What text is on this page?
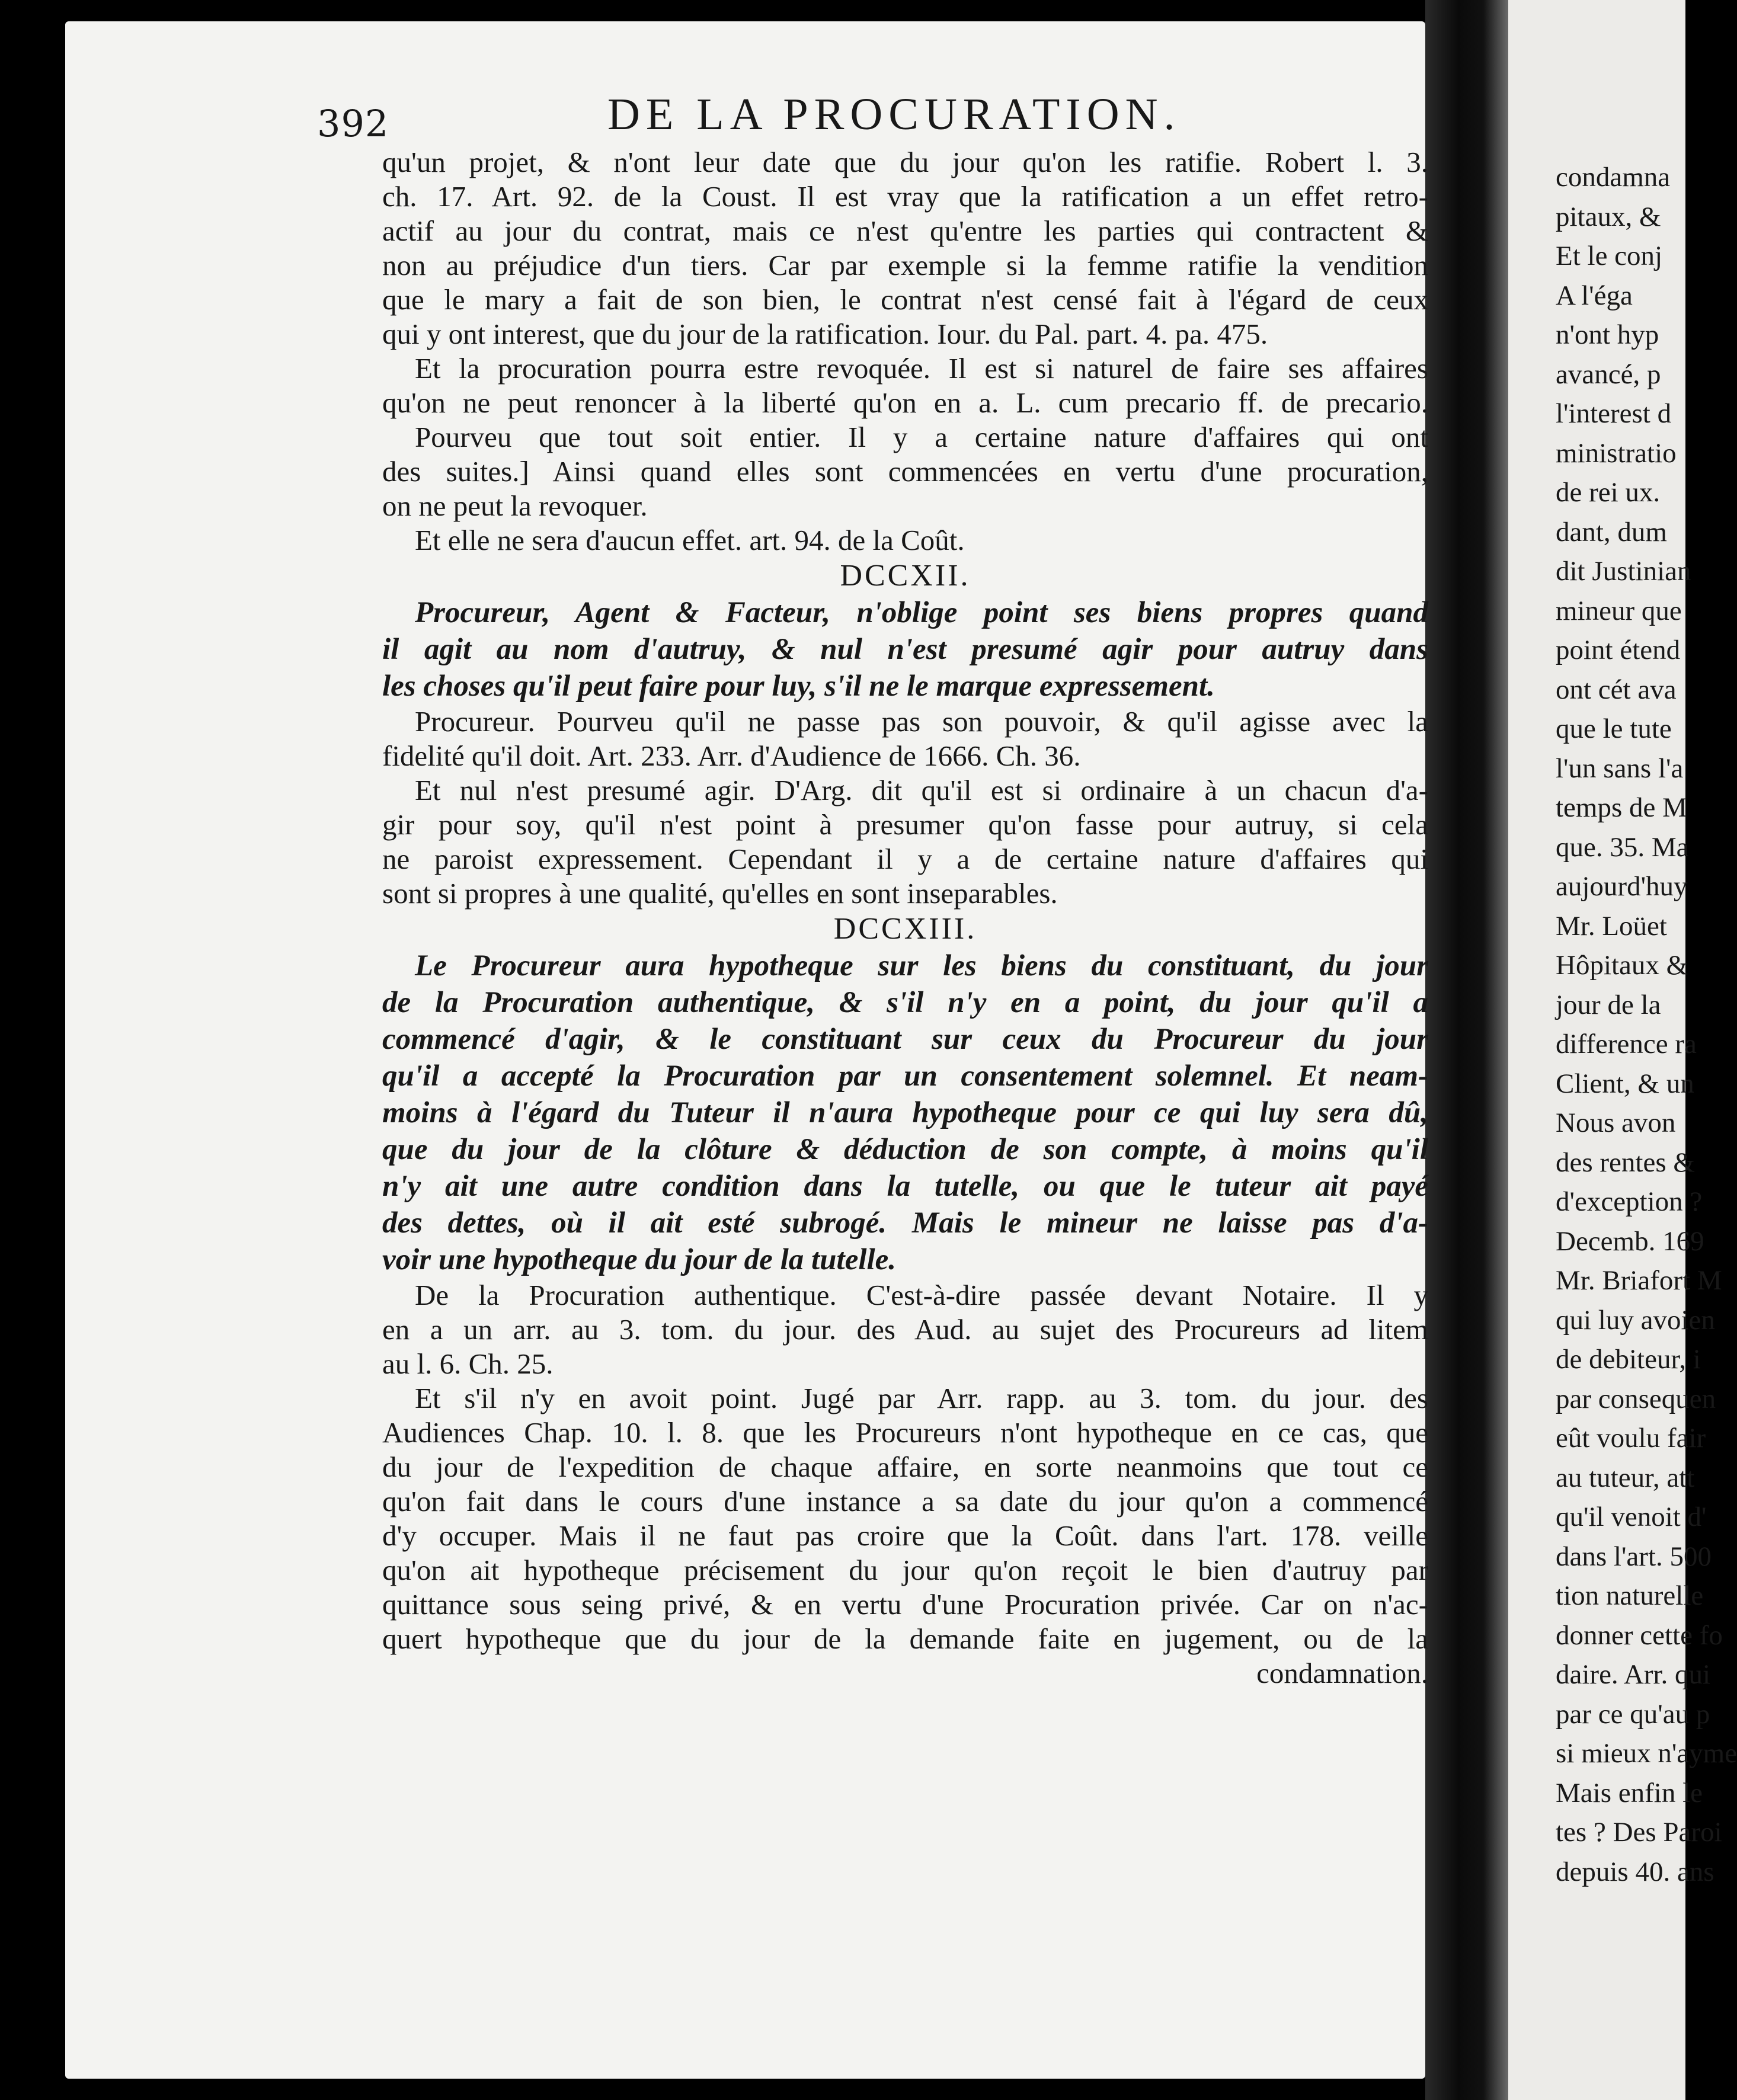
condamna
pitaux, &
Et le conj
A l'éga
n'ont hyp
avancé, p
l'interest d
ministratio
de rei ux.
dant, dum
dit Justinian
mineur que
point étend
ont cét ava
que le tute
l'un sans l'a
temps de M
que. 35. Ma
aujourd'huy
Mr. Loüet
Hôpitaux &
jour de la
difference ra
Client, & un
Nous avon
des rentes &
d'exception ?
Decemb. 169
Mr. Briafort M
qui luy avoien
de debiteur, i
par consequen
eût voulu fair
au tuteur, att
qu'il venoit d'
dans l'art. 500
tion naturelle
donner cette fo
daire. Arr. qui
par ce qu'au p
si mieux n'ayme
Mais enfin le
tes ? Des Paroi
depuis 40. ans
392	DE LA PROCURATION.
qu'un projet, & n'ont leur date que du jour qu'on les ratifie. Robert l. 3.
ch. 17. Art. 92. de la Coust. Il est vray que la ratification a un effet retro-
actif au jour du contrat, mais ce n'est qu'entre les parties qui contractent &
non au préjudice d'un tiers. Car par exemple si la femme ratifie la vendition
que le mary a fait de son bien, le contrat n'est censé fait à l'égard de ceux
qui y ont interest, que du jour de la ratification. Iour. du Pal. part. 4. pa. 475.
Et la procuration pourra estre revoquée. Il est si naturel de faire ses affaires
qu'on ne peut renoncer à la liberté qu'on en a. L. cum precario ff. de precario.
Pourveu que tout soit entier. Il y a certaine nature d'affaires qui ont
des suites.] Ainsi quand elles sont commencées en vertu d'une procuration,
on ne peut la revoquer.
Et elle ne sera d'aucun effet. art. 94. de la Coût.
DCCXII.
Procureur, Agent & Facteur, n'oblige point ses biens propres quand
il agit au nom d'autruy, & nul n'est presumé agir pour autruy dans
les choses qu'il peut faire pour luy, s'il ne le marque expressement.
Procureur. Pourveu qu'il ne passe pas son pouvoir, & qu'il agisse avec la
fidelité qu'il doit. Art. 233. Arr. d'Audience de 1666. Ch. 36.
Et nul n'est presumé agir. D'Arg. dit qu'il est si ordinaire à un chacun d'a-
gir pour soy, qu'il n'est point à presumer qu'on fasse pour autruy, si cela
ne paroist expressement. Cependant il y a de certaine nature d'affaires qui
sont si propres à une qualité, qu'elles en sont inseparables.
DCCXIII.
Le Procureur aura hypotheque sur les biens du constituant, du jour
de la Procuration authentique, & s'il n'y en a point, du jour qu'il a
commencé d'agir, & le constituant sur ceux du Procureur du jour
qu'il a accepté la Procuration par un consentement solemnel. Et neam-
moins à l'égard du Tuteur il n'aura hypotheque pour ce qui luy sera dû,
que du jour de la clôture & déduction de son compte, à moins qu'il
n'y ait une autre condition dans la tutelle, ou que le tuteur ait payé
des dettes, où il ait esté subrogé. Mais le mineur ne laisse pas d'a-
voir une hypotheque du jour de la tutelle.
De la Procuration authentique. C'est-à-dire passée devant Notaire. Il y
en a un arr. au 3. tom. du jour. des Aud. au sujet des Procureurs ad litem
au l. 6. Ch. 25.
Et s'il n'y en avoit point. Jugé par Arr. rapp. au 3. tom. du jour. des
Audiences Chap. 10. l. 8. que les Procureurs n'ont hypotheque en ce cas, que
du jour de l'expedition de chaque affaire, en sorte neanmoins que tout ce
qu'on fait dans le cours d'une instance a sa date du jour qu'on a commencé
d'y occuper. Mais il ne faut pas croire que la Coût. dans l'art. 178. veille
qu'on ait hypotheque précisement du jour qu'on reçoit le bien d'autruy par
quittance sous seing privé, & en vertu d'une Procuration privée. Car on n'ac-
quert hypotheque que du jour de la demande faite en jugement, ou de la
condamnation.
